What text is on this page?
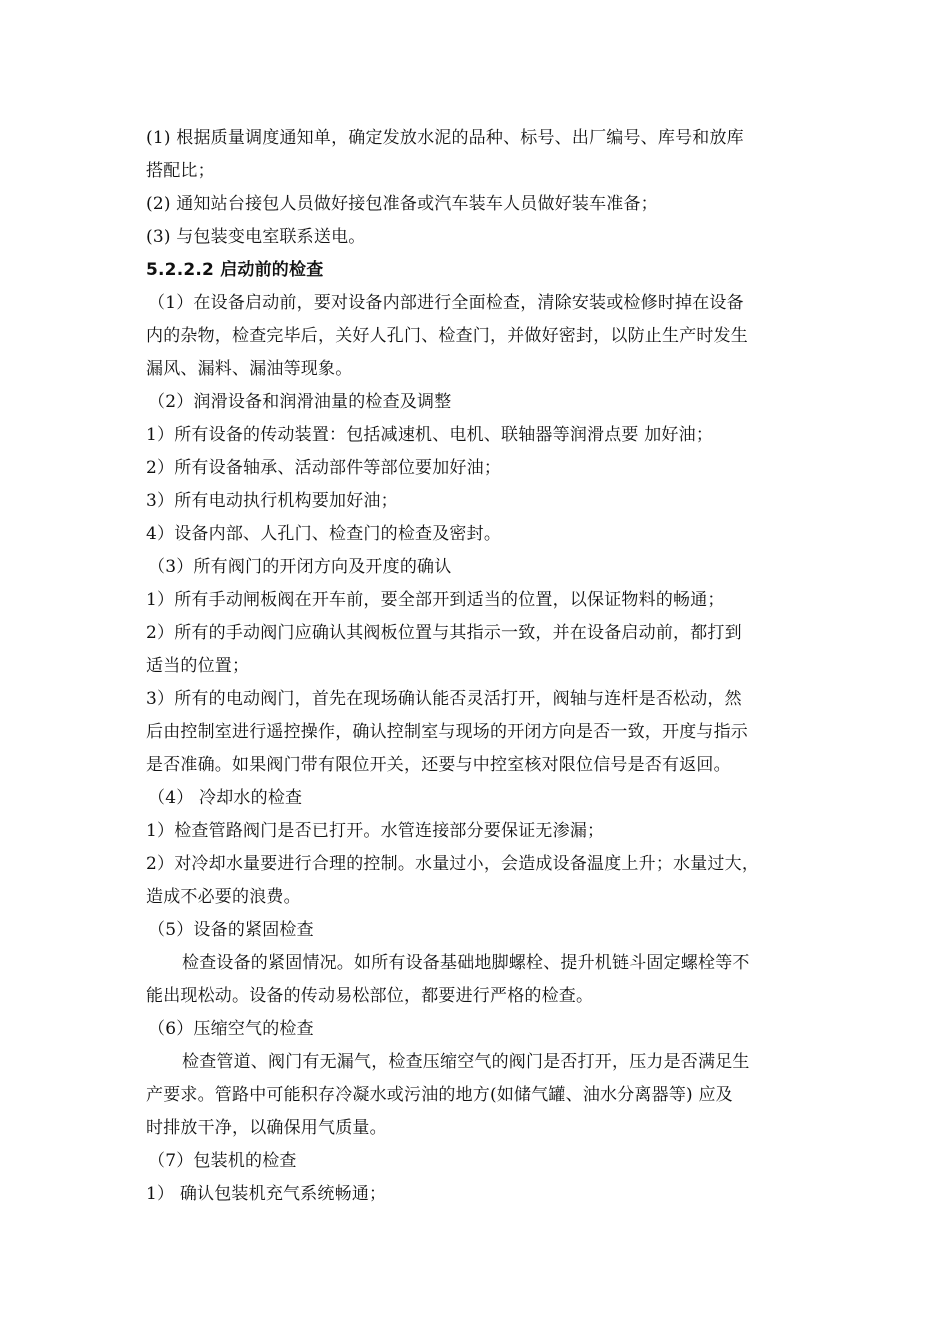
(1) 根据质量调度通知单，确定发放水泥的品种、标号、出厂编号、库号和放库
搭配比；
(2) 通知站台接包人员做好接包准备或汽车装车人员做好装车准备；
(3) 与包装变电室联系送电。
5.2.2.2 启动前的检查
（1）在设备启动前，要对设备内部进行全面检查，清除安装或检修时掉在设备
内的杂物，检查完毕后，关好人孔门、检查门，并做好密封，以防止生产时发生
漏风、漏料、漏油等现象。
（2）润滑设备和润滑油量的检查及调整
1）所有设备的传动装置：包括减速机、电机、联轴器等润滑点要 加好油；
2）所有设备轴承、活动部件等部位要加好油；
3）所有电动执行机构要加好油；
4）设备内部、人孔门、检查门的检查及密封。
（3）所有阀门的开闭方向及开度的确认
1）所有手动闸板阀在开车前，要全部开到适当的位置，以保证物料的畅通；
2）所有的手动阀门应确认其阀板位置与其指示一致，并在设备启动前，都打到
适当的位置；
3）所有的电动阀门，首先在现场确认能否灵活打开，阀轴与连杆是否松动，然
后由控制室进行遥控操作，确认控制室与现场的开闭方向是否一致，开度与指示
是否准确。如果阀门带有限位开关，还要与中控室核对限位信号是否有返回。
（4） 冷却水的检查
1）检查管路阀门是否已打开。水管连接部分要保证无渗漏；
2）对冷却水量要进行合理的控制。水量过小，会造成设备温度上升；水量过大，
造成不必要的浪费。
（5）设备的紧固检查
检查设备的紧固情况。如所有设备基础地脚螺栓、提升机链斗固定螺栓等不
能出现松动。设备的传动易松部位，都要进行严格的检查。
（6）压缩空气的检查
检查管道、阀门有无漏气，检查压缩空气的阀门是否打开，压力是否满足生
产要求。管路中可能积存冷凝水或污油的地方(如储气罐、油水分离器等) 应及
时排放干净，以确保用气质量。
（7）包装机的检查
1） 确认包装机充气系统畅通；
